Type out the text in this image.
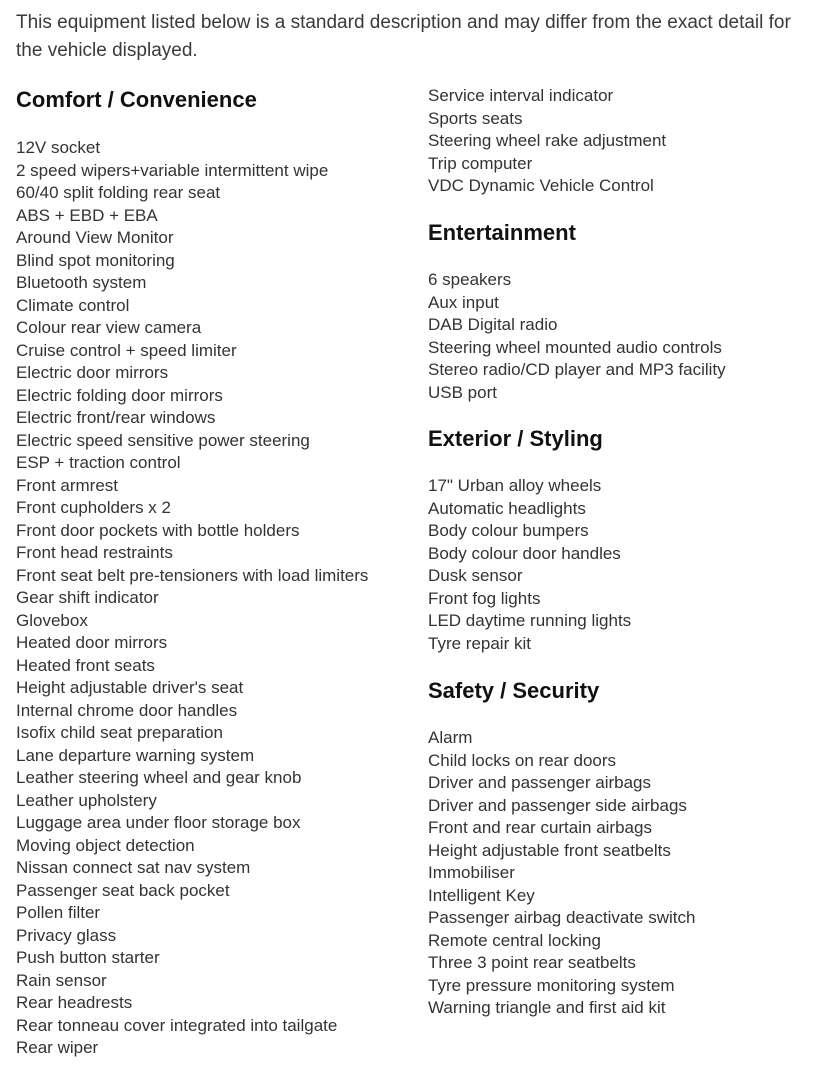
This equipment listed below is a standard description and may differ from the exact detail for the vehicle displayed.

Comfort / Convenience
12V socket
2 speed wipers+variable intermittent wipe
60/40 split folding rear seat
ABS + EBD + EBA
Around View Monitor
Blind spot monitoring
Bluetooth system
Climate control
Colour rear view camera
Cruise control + speed limiter
Electric door mirrors
Electric folding door mirrors
Electric front/rear windows
Electric speed sensitive power steering
ESP + traction control
Front armrest
Front cupholders x 2
Front door pockets with bottle holders
Front head restraints
Front seat belt pre-tensioners with load limiters
Gear shift indicator
Glovebox
Heated door mirrors
Heated front seats
Height adjustable driver's seat
Internal chrome door handles
Isofix child seat preparation
Lane departure warning system
Leather steering wheel and gear knob
Leather upholstery
Luggage area under floor storage box
Moving object detection
Nissan connect sat nav system
Passenger seat back pocket
Pollen filter
Privacy glass
Push button starter
Rain sensor
Rear headrests
Rear tonneau cover integrated into tailgate
Rear wiper
Service interval indicator
Sports seats
Steering wheel rake adjustment
Trip computer
VDC Dynamic Vehicle Control
Entertainment
6 speakers
Aux input
DAB Digital radio
Steering wheel mounted audio controls
Stereo radio/CD player and MP3 facility
USB port
Exterior / Styling
17" Urban alloy wheels
Automatic headlights
Body colour bumpers
Body colour door handles
Dusk sensor
Front fog lights
LED daytime running lights
Tyre repair kit
Safety / Security
Alarm
Child locks on rear doors
Driver and passenger airbags
Driver and passenger side airbags
Front and rear curtain airbags
Height adjustable front seatbelts
Immobiliser
Intelligent Key
Passenger airbag deactivate switch
Remote central locking
Three 3 point rear seatbelts
Tyre pressure monitoring system
Warning triangle and first aid kit
